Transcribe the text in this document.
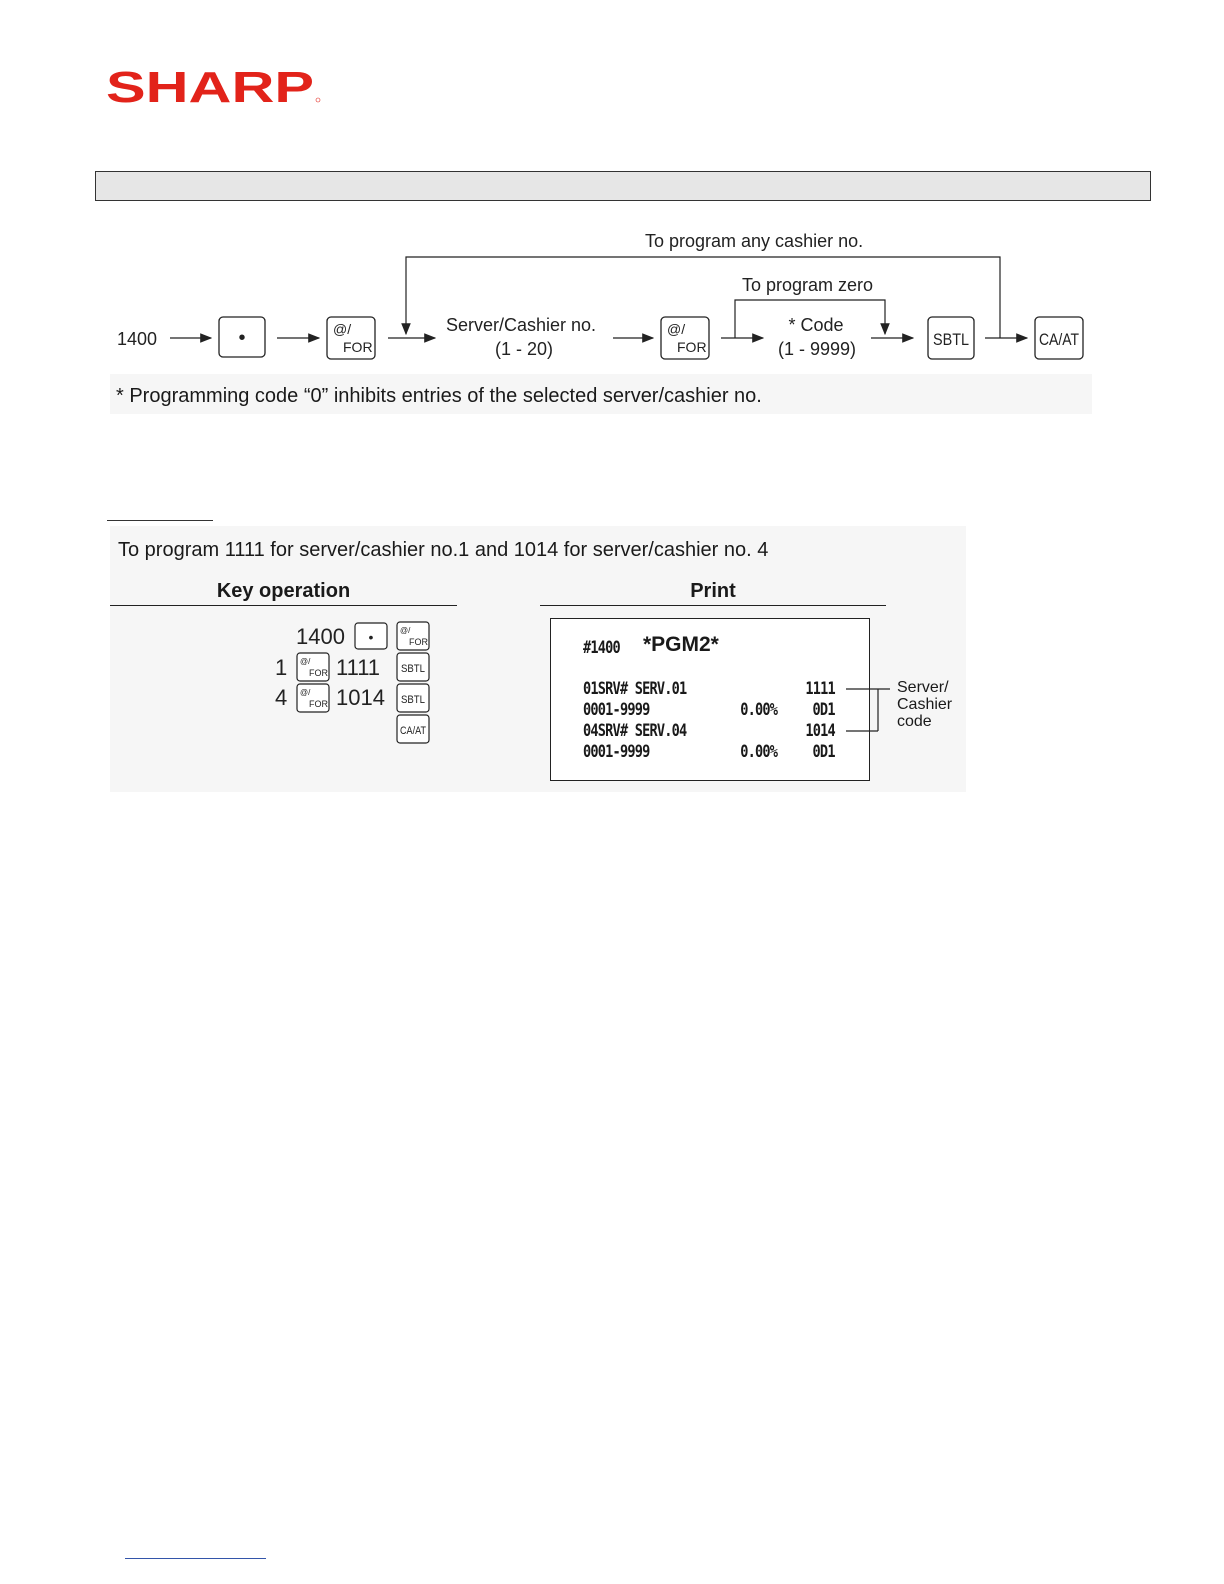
SHARP
1400	•	@/
FOR
To program any cashier no.
Server/Cashier no.
(1 - 20)
@/
FOR
To program zero
* Code
(1 - 9999)	SBTL	CA/AT
* Programming code “0” inhibits entries of the selected server/cashier no.
To program 1111 for server/cashier no.1 and 1014 for server/cashier no. 4
Key operation	Print
1400 •	@/
FOR
1 @/
FOR 1111 SBTL
4 @/
FOR 1014 SBTL
CA/AT
#1400 *PGM2*
01SRV# SERV.01	1111
0001-9999	0.00% 0D1
04SRV# SERV.04	1014
0001-9999	0.00% 0D1
Server/
Cashier
code
